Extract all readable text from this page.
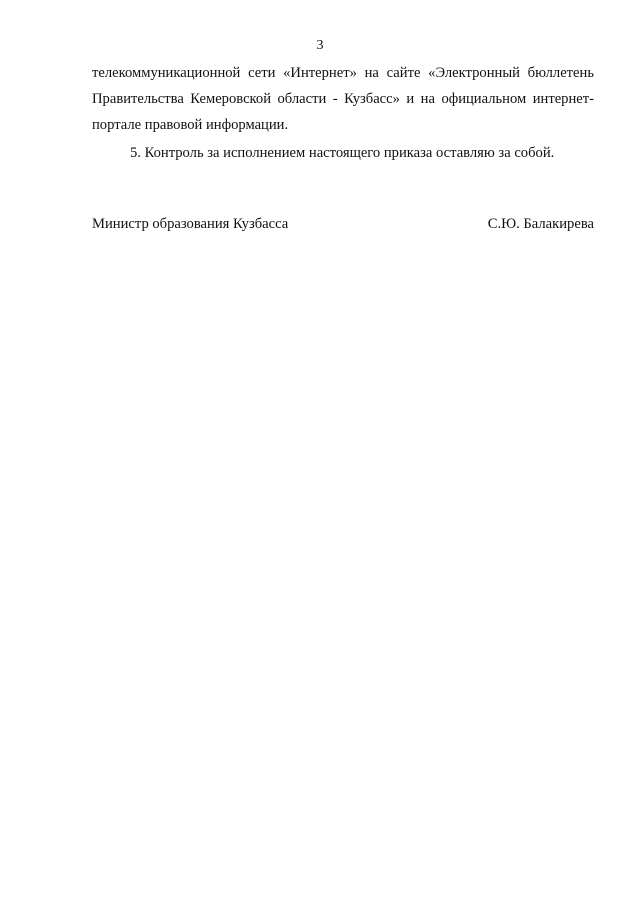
3

телекоммуникационной сети «Интернет» на сайте «Электронный бюллетень Правительства Кемеровской области - Кузбасс» и на официальном интернет-портале правовой информации.

5. Контроль за исполнением настоящего приказа оставляю за собой.

Министр образования Кузбасса	С.Ю. Балакирева
